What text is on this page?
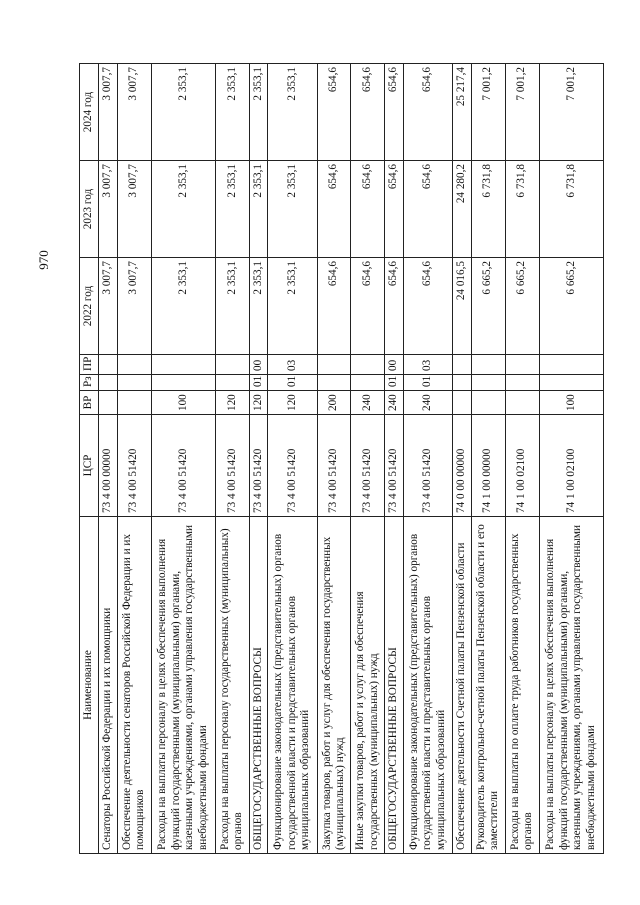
970
Наименование	ЦСР	ВР	Рз	ПР	2022 год	2023 год	2024 год
Сенаторы Российской Федерации и их помощники	73 4 00 00000				3 007,7	3 007,7	3 007,7
Обеспечение деятельности сенаторов Российской Федерации и их помощников	73 4 00 51420				3 007,7	3 007,7	3 007,7
Расходы на выплаты персоналу в целях обеспечения выполнения функций государственными (муниципальными) органами, казенными учреждениями, органами управления государственными внебюджетными фондами	73 4 00 51420	100			2 353,1	2 353,1	2 353,1
Расходы на выплаты персоналу государственных (муниципальных) органов	73 4 00 51420	120			2 353,1	2 353,1	2 353,1
ОБЩЕГОСУДАРСТВЕННЫЕ ВОПРОСЫ	73 4 00 51420	120	01	00	2 353,1	2 353,1	2 353,1
Функционирование законодательных (представительных) органов государственной власти и представительных органов муниципальных образований	73 4 00 51420	120	01	03	2 353,1	2 353,1	2 353,1
Закупка товаров, работ и услуг для обеспечения государственных (муниципальных) нужд	73 4 00 51420	200			654,6	654,6	654,6
Иные закупки товаров, работ и услуг для обеспечения государственных (муниципальных) нужд	73 4 00 51420	240			654,6	654,6	654,6
ОБЩЕГОСУДАРСТВЕННЫЕ ВОПРОСЫ	73 4 00 51420	240	01	00	654,6	654,6	654,6
Функционирование законодательных (представительных) органов государственной власти и представительных органов муниципальных образований	73 4 00 51420	240	01	03	654,6	654,6	654,6
Обеспечение деятельности Счетной палаты Пензенской области	74 0 00 00000				24 016,5	24 280,2	25 217,4
Руководитель контрольно-счетной палаты Пензенской области и его заместители	74 1 00 00000				6 665,2	6 731,8	7 001,2
Расходы на выплаты по оплате труда работников государственных органов	74 1 00 02100				6 665,2	6 731,8	7 001,2
Расходы на выплаты персоналу в целях обеспечения выполнения функций государственными (муниципальными) органами, казенными учреждениями, органами управления государственными внебюджетными фондами	74 1 00 02100	100			6 665,2	6 731,8	7 001,2
